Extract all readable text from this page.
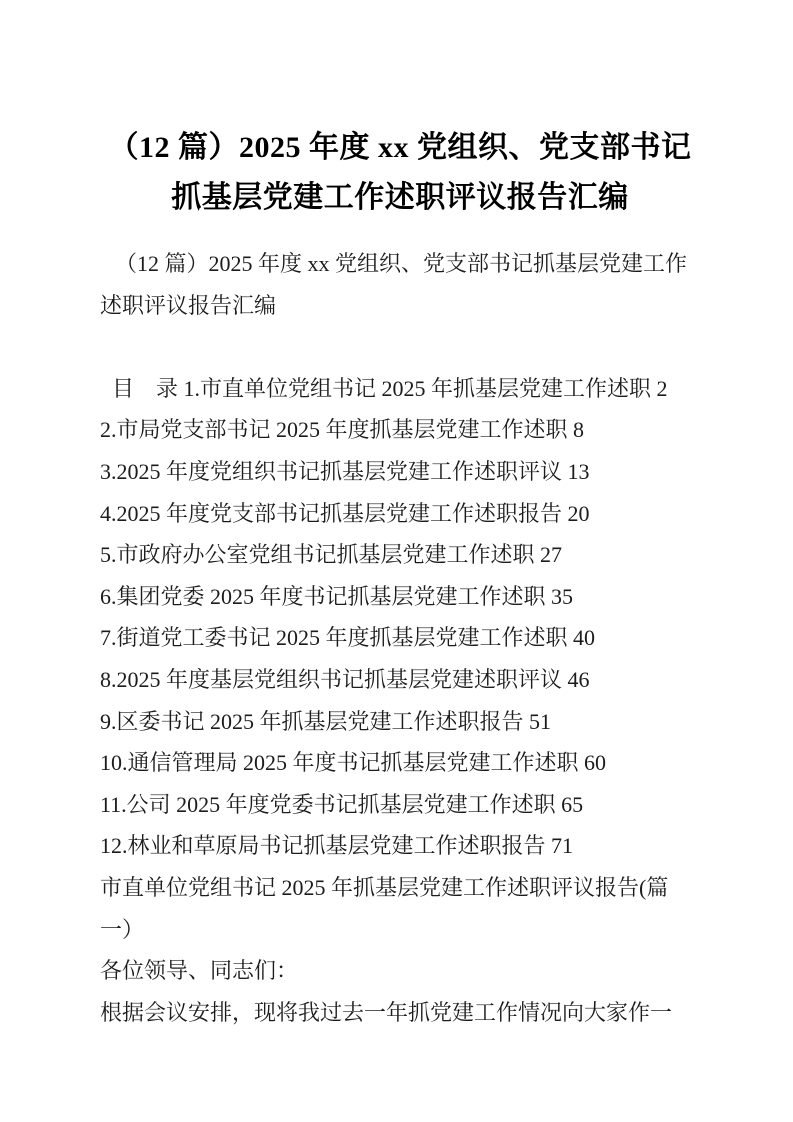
（12 篇）2025 年度 xx 党组织、党支部书记
抓基层党建工作述职评议报告汇编
（12 篇）2025 年度 xx 党组织、党支部书记抓基层党建工作
述职评议报告汇编
目　录 1.市直单位党组书记 2025 年抓基层党建工作述职 2
2.市局党支部书记 2025 年度抓基层党建工作述职 8
3.2025 年度党组织书记抓基层党建工作述职评议 13
4.2025 年度党支部书记抓基层党建工作述职报告 20
5.市政府办公室党组书记抓基层党建工作述职 27
6.集团党委 2025 年度书记抓基层党建工作述职 35
7.街道党工委书记 2025 年度抓基层党建工作述职 40
8.2025 年度基层党组织书记抓基层党建述职评议 46
9.区委书记 2025 年抓基层党建工作述职报告 51
10.通信管理局 2025 年度书记抓基层党建工作述职 60
11.公司 2025 年度党委书记抓基层党建工作述职 65
12.林业和草原局书记抓基层党建工作述职报告 71
市直单位党组书记 2025 年抓基层党建工作述职评议报告(篇
一）
各位领导、同志们：
根据会议安排，现将我过去一年抓党建工作情况向大家作一
